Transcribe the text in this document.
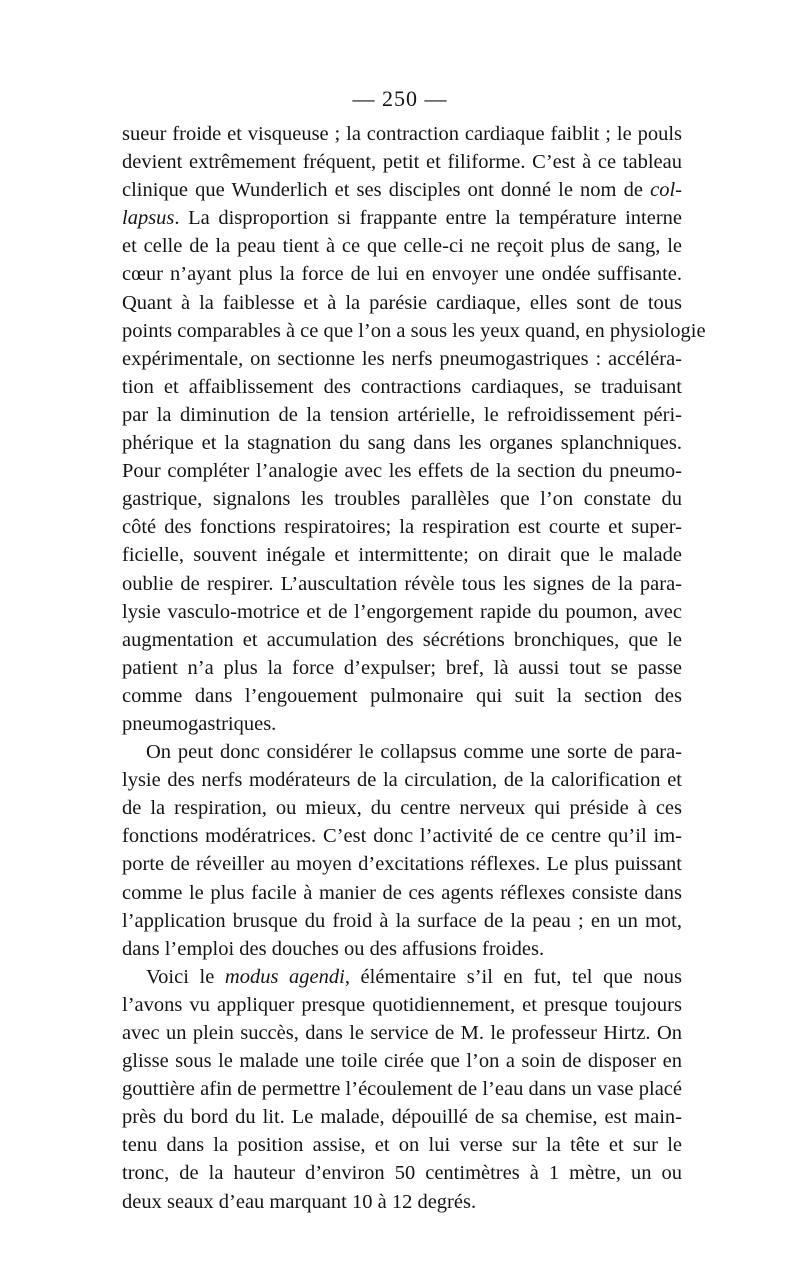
— 250 —
sueur froide et visqueuse ; la contraction cardiaque faiblit ; le pouls
devient extrêmement fréquent, petit et filiforme. C’est à ce tableau
clinique que Wunderlich et ses disciples ont donné le nom de col-
lapsus. La disproportion si frappante entre la température interne
et celle de la peau tient à ce que celle-ci ne reçoit plus de sang, le
cœur n’ayant plus la force de lui en envoyer une ondée suffisante.
Quant à la faiblesse et à la parésie cardiaque, elles sont de tous
points comparables à ce que l’on a sous les yeux quand, en physiologie
expérimentale, on sectionne les nerfs pneumogastriques : accéléra-
tion et affaiblissement des contractions cardiaques, se traduisant
par la diminution de la tension artérielle, le refroidissement péri-
phérique et la stagnation du sang dans les organes splanchniques.
Pour compléter l’analogie avec les effets de la section du pneumo-
gastrique, signalons les troubles parallèles que l’on constate du
côté des fonctions respiratoires; la respiration est courte et super-
ficielle, souvent inégale et intermittente; on dirait que le malade
oublie de respirer. L’auscultation révèle tous les signes de la para-
lysie vasculo-motrice et de l’engorgement rapide du poumon, avec
augmentation et accumulation des sécrétions bronchiques, que le
patient n’a plus la force d’expulser; bref, là aussi tout se passe
comme dans l’engouement pulmonaire qui suit la section des
pneumogastriques.
On peut donc considérer le collapsus comme une sorte de para-
lysie des nerfs modérateurs de la circulation, de la calorification et
de la respiration, ou mieux, du centre nerveux qui préside à ces
fonctions modératrices. C’est donc l’activité de ce centre qu’il im-
porte de réveiller au moyen d’excitations réflexes. Le plus puissant
comme le plus facile à manier de ces agents réflexes consiste dans
l’application brusque du froid à la surface de la peau ; en un mot,
dans l’emploi des douches ou des affusions froides.
Voici le modus agendi, élémentaire s’il en fut, tel que nous
l’avons vu appliquer presque quotidiennement, et presque toujours
avec un plein succès, dans le service de M. le professeur Hirtz. On
glisse sous le malade une toile cirée que l’on a soin de disposer en
gouttière afin de permettre l’écoulement de l’eau dans un vase placé
près du bord du lit. Le malade, dépouillé de sa chemise, est main-
tenu dans la position assise, et on lui verse sur la tête et sur le
tronc, de la hauteur d’environ 50 centimètres à 1 mètre, un ou
deux seaux d’eau marquant 10 à 12 degrés.
